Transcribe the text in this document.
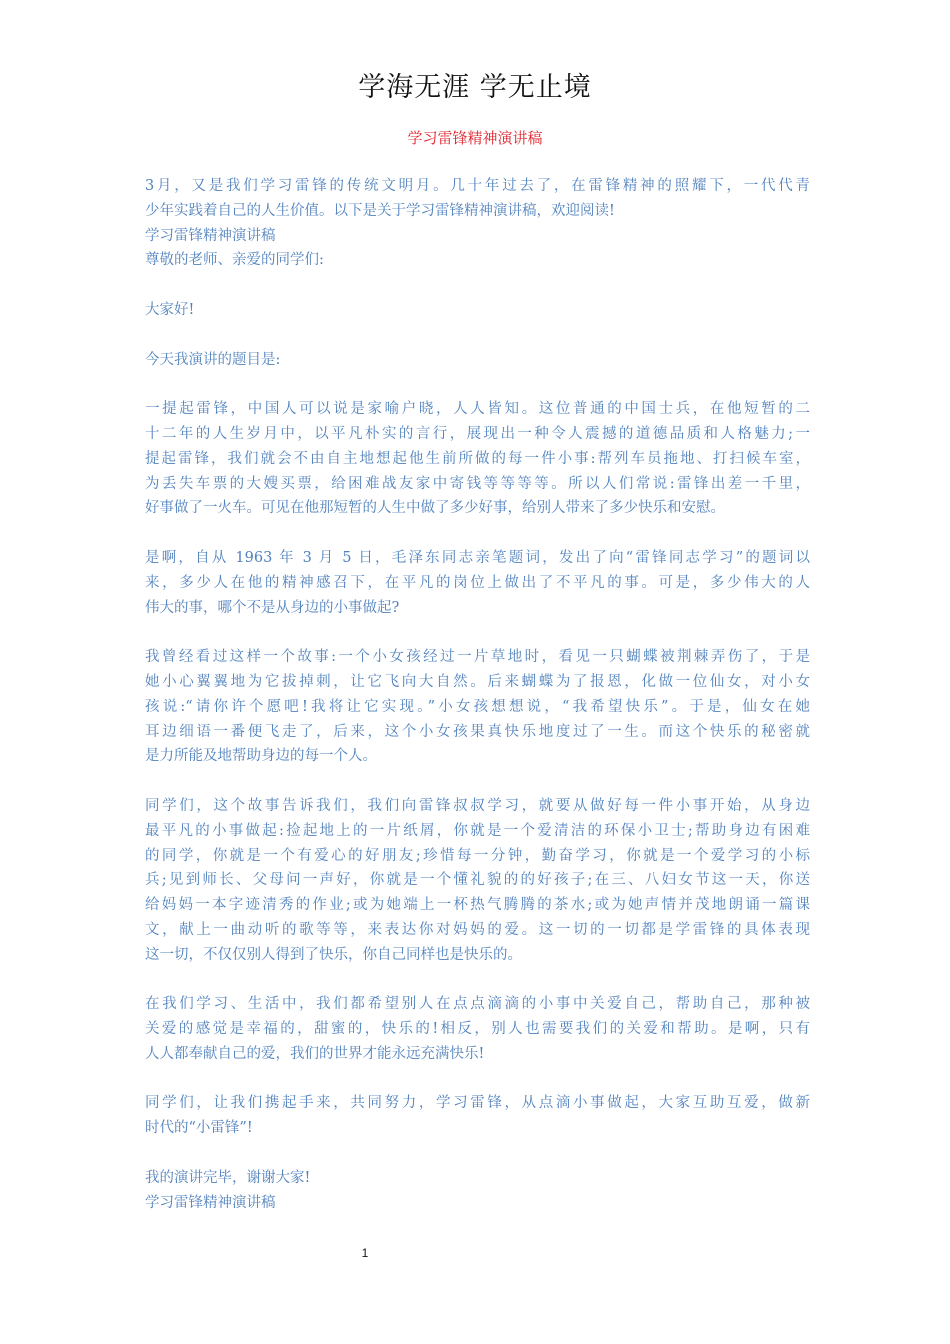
学海无涯 学无止境
学习雷锋精神演讲稿
3月，又是我们学习雷锋的传统文明月。几十年过去了，在雷锋精神的照耀下，一代代青
少年实践着自己的人生价值。以下是关于学习雷锋精神演讲稿，欢迎阅读!
学习雷锋精神演讲稿
尊敬的老师、亲爱的同学们:
大家好!
今天我演讲的题目是:
一提起雷锋，中国人可以说是家喻户晓，人人皆知。这位普通的中国士兵，在他短暂的二
十二年的人生岁月中，以平凡朴实的言行，展现出一种令人震撼的道德品质和人格魅力;一
提起雷锋，我们就会不由自主地想起他生前所做的每一件小事:帮列车员拖地、打扫候车室，
为丢失车票的大嫂买票，给困难战友家中寄钱等等等等。所以人们常说:雷锋出差一千里，
好事做了一火车。可见在他那短暂的人生中做了多少好事，给别人带来了多少快乐和安慰。
是啊，自从 1963 年 3 月 5 日，毛泽东同志亲笔题词，发出了向“雷锋同志学习”的题词以
来，多少人在他的精神感召下，在平凡的岗位上做出了不平凡的事。可是，多少伟大的人
伟大的事，哪个不是从身边的小事做起?
我曾经看过这样一个故事:一个小女孩经过一片草地时，看见一只蝴蝶被荆棘弄伤了，于是
她小心翼翼地为它拔掉刺，让它飞向大自然。后来蝴蝶为了报恩，化做一位仙女，对小女
孩说:“请你许个愿吧!我将让它实现。”小女孩想想说，“我希望快乐”。于是，仙女在她
耳边细语一番便飞走了，后来，这个小女孩果真快乐地度过了一生。而这个快乐的秘密就
是力所能及地帮助身边的每一个人。
同学们，这个故事告诉我们，我们向雷锋叔叔学习，就要从做好每一件小事开始，从身边
最平凡的小事做起:捡起地上的一片纸屑，你就是一个爱清洁的环保小卫士;帮助身边有困难
的同学，你就是一个有爱心的好朋友;珍惜每一分钟，勤奋学习，你就是一个爱学习的小标
兵;见到师长、父母问一声好，你就是一个懂礼貌的的好孩子;在三、八妇女节这一天，你送
给妈妈一本字迹清秀的作业;或为她端上一杯热气腾腾的茶水;或为她声情并茂地朗诵一篇课
文，献上一曲动听的歌等等，来表达你对妈妈的爱。这一切的一切都是学雷锋的具体表现
这一切，不仅仅别人得到了快乐，你自己同样也是快乐的。
在我们学习、生活中，我们都希望别人在点点滴滴的小事中关爱自己，帮助自己，那种被
关爱的感觉是幸福的，甜蜜的，快乐的!相反，别人也需要我们的关爱和帮助。是啊，只有
人人都奉献自己的爱，我们的世界才能永远充满快乐!
同学们，让我们携起手来，共同努力，学习雷锋，从点滴小事做起，大家互助互爱，做新
时代的“小雷锋”!
我的演讲完毕，谢谢大家!
学习雷锋精神演讲稿
1
